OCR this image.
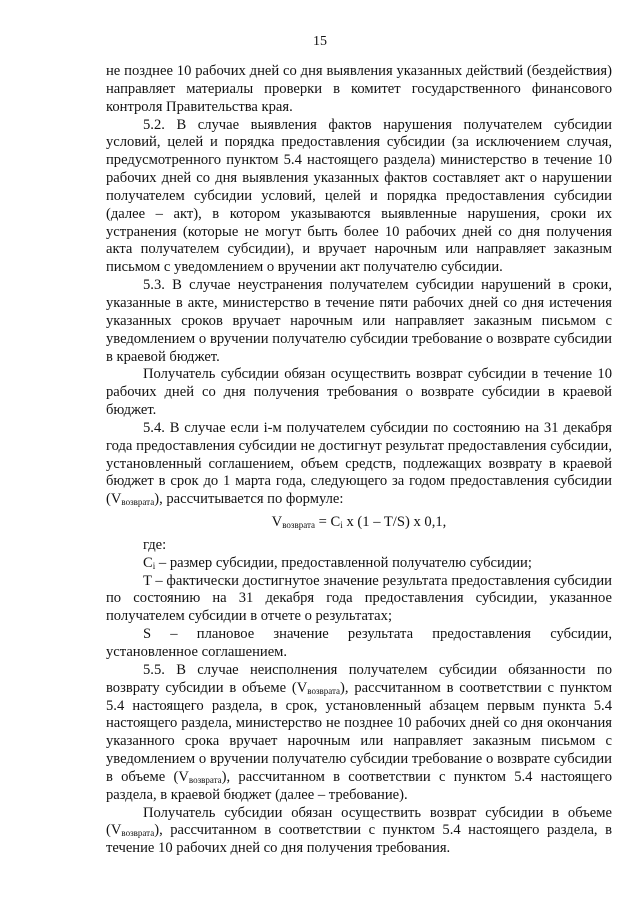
15

не позднее 10 рабочих дней со дня выявления указанных действий (бездействия) направляет материалы проверки в комитет государственного финансового контроля Правительства края.

5.2. В случае выявления фактов нарушения получателем субсидии условий, целей и порядка предоставления субсидии (за исключением случая, предусмотренного пунктом 5.4 настоящего раздела) министерство в течение 10 рабочих дней со дня выявления указанных фактов составляет акт о нарушении получателем субсидии условий, целей и порядка предоставления субсидии (далее – акт), в котором указываются выявленные нарушения, сроки их устранения (которые не могут быть более 10 рабочих дней со дня получения акта получателем субсидии), и вручает нарочным или направляет заказным письмом с уведомлением о вручении акт получателю субсидии.

5.3. В случае неустранения получателем субсидии нарушений в сроки, указанные в акте, министерство в течение пяти рабочих дней со дня истечения указанных сроков вручает нарочным или направляет заказным письмом с уведомлением о вручении получателю субсидии требование о возврате субсидии в краевой бюджет.

Получатель субсидии обязан осуществить возврат субсидии в течение 10 рабочих дней со дня получения требования о возврате субсидии в краевой бюджет.

5.4. В случае если i-м получателем субсидии по состоянию на 31 декабря года предоставления субсидии не достигнут результат предоставления субсидии, установленный соглашением, объем средств, подлежащих возврату в краевой бюджет в срок до 1 марта года, следующего за годом предоставления субсидии $(V_{возврата})$, рассчитывается по формуле:

$V_{возврата} = C_i$ x (1 – T/S) x 0,1,

где:

$C_i$ – размер субсидии, предоставленной получателю субсидии;

T – фактически достигнутое значение результата предоставления субсидии по состоянию на 31 декабря года предоставления субсидии, указанное получателем субсидии в отчете о результатах;

S – плановое значение результата предоставления субсидии, установленное соглашением.

5.5. В случае неисполнения получателем субсидии обязанности по возврату субсидии в объеме $(V_{возврата})$, рассчитанном в соответствии с пунктом 5.4 настоящего раздела, в срок, установленный абзацем первым пункта 5.4 настоящего раздела, министерство не позднее 10 рабочих дней со дня окончания указанного срока вручает нарочным или направляет заказным письмом с уведомлением о вручении получателю субсидии требование о возврате субсидии в объеме $(V_{возврата})$, рассчитанном в соответствии с пунктом 5.4 настоящего раздела, в краевой бюджет (далее – требование).

Получатель субсидии обязан осуществить возврат субсидии в объеме $(V_{возврата})$, рассчитанном в соответствии с пунктом 5.4 настоящего раздела, в течение 10 рабочих дней со дня получения требования.
